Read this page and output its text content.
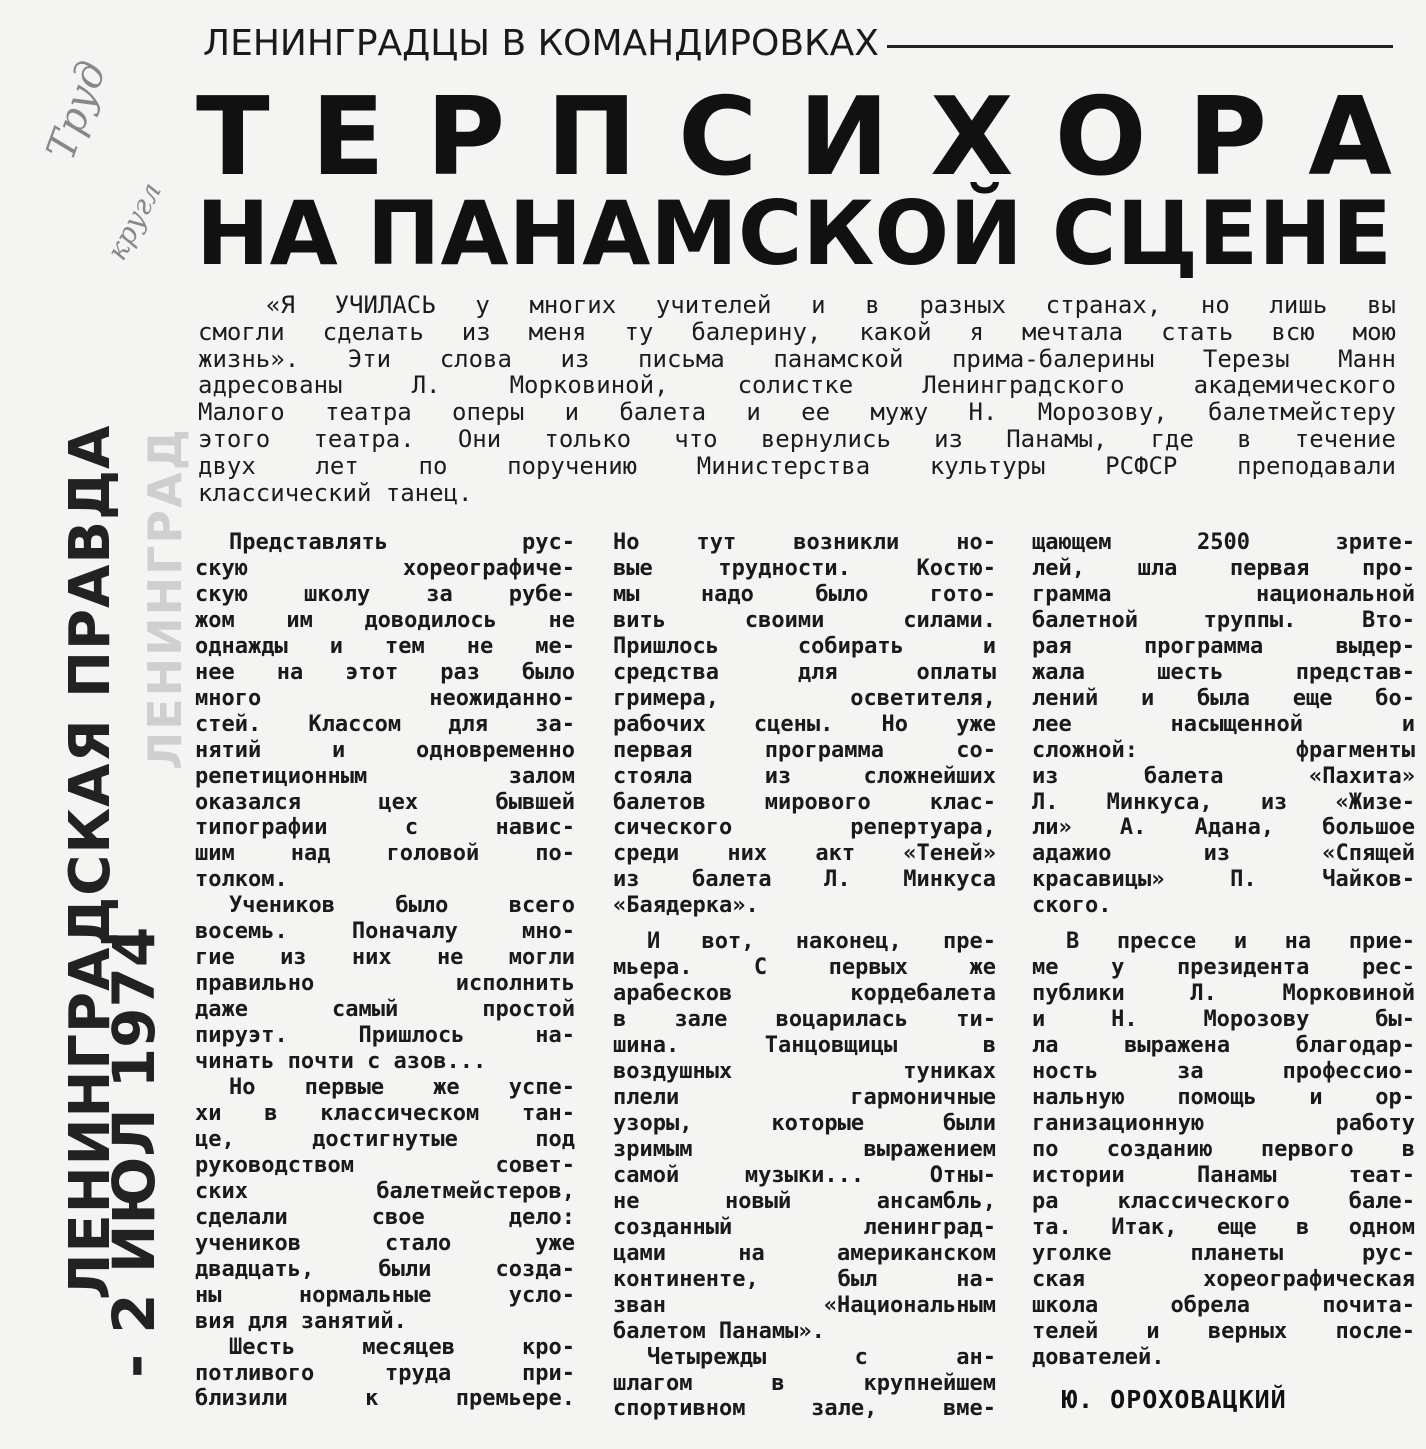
ЛЕНИНГРАД
ЛЕНИНГРАДСКАЯ ПРАВДА
- 2 ИЮЛ 1974
Труд
кругл
ЛЕНИНГРАДЦЫ В КОМАНДИРОВКАХ
Т Е Р П С И Х О Р А
НА ПАНАМСКОЙ СЦЕНЕ
«Я УЧИЛАСЬ у многих учителей и в разных странах, но лишь вы
смогли сделать из меня ту балерину, какой я мечтала стать всю мою
жизнь». Эти слова из письма панамской прима-балерины Терезы Манн
адресованы	Л.	Морковиной,	солистке	Ленинградского	академического
Малого театра оперы и балета и ее мужу Н. Морозову, балетмейстеру
этого театра. Они только что вернулись из Панамы, где в течение
двух лет по поручению Министерства культуры РСФСР преподавали
классический танец.
Представлять	рус-
скую	хореографиче-
скую	школу	за	рубе-
жом им доводилось не
однажды и тем не ме-
нее на этот раз было
много	неожиданно-
стей. Классом для за-
нятий	и	одновременно
репетиционным	залом
оказался	цех	бывшей
типографии	с	навис-
шим	над	головой	по-
толком.
Учеников	было	всего
восемь.	Поначалу	мно-
гие из них не могли
правильно	исполнить
даже	самый	простой
пируэт.	Пришлось	на-
чинать почти с азов...
Но первые же успе-
хи в классическом тан-
це,	достигнутые	под
руководством	совет-
ских	балетмейстеров,
сделали	свое	дело:
учеников	стало	уже
двадцать,	были	созда-
ны	нормальные	усло-
вия для занятий.
Шесть	месяцев	кро-
потливого	труда	при-
близили	к	премьере.
Но	тут	возникли	но-
вые	трудности.	Костю-
мы	надо	было	гото-
вить	своими	силами.
Пришлось	собирать	и
средства	для	оплаты
гримера,	осветителя,
рабочих сцены. Но уже
первая	программа	со-
стояла	из	сложнейших
балетов	мирового	клас-
сического	репертуара,
среди них акт «Теней»
из балета Л. Минкуса
«Баядерка».
И вот, наконец, пре-
мьера.	С	первых	же
арабесков	кордебалета
в зале воцарилась ти-
шина.	Танцовщицы	в
воздушных	туниках
плели	гармоничные
узоры,	которые	были
зримым	выражением
самой	музыки...	Отны-
не	новый	ансамбль,
созданный	ленинград-
цами	на	американском
континенте,	был	на-
зван	«Национальным
балетом Панамы».
Четырежды	с	ан-
шлагом	в	крупнейшем
спортивном	зале,	вме-
щающем	2500	зрите-
лей, шла первая про-
грамма	национальной
балетной	труппы.	Вто-
рая	программа	выдер-
жала	шесть	представ-
лений и была еще бо-
лее	насыщенной	и
сложной:	фрагменты
из	балета	«Пахита»
Л. Минкуса, из «Жизе-
ли» А. Адана, большое
адажио	из	«Спящей
красавицы»	П.	Чайков-
ского.
В прессе и на прие-
ме у президента рес-
публики	Л.	Морковиной
и	Н.	Морозову	бы-
ла	выражена	благодар-
ность	за	профессио-
нальную помощь и ор-
ганизационную	работу
по созданию первого в
истории	Панамы	теат-
ра	классического	бале-
та. Итак, еще в одном
уголке	планеты	рус-
ская	хореографическая
школа	обрела	почита-
телей и верных после-
дователей.
Ю. ОРОХОВАЦКИЙ
